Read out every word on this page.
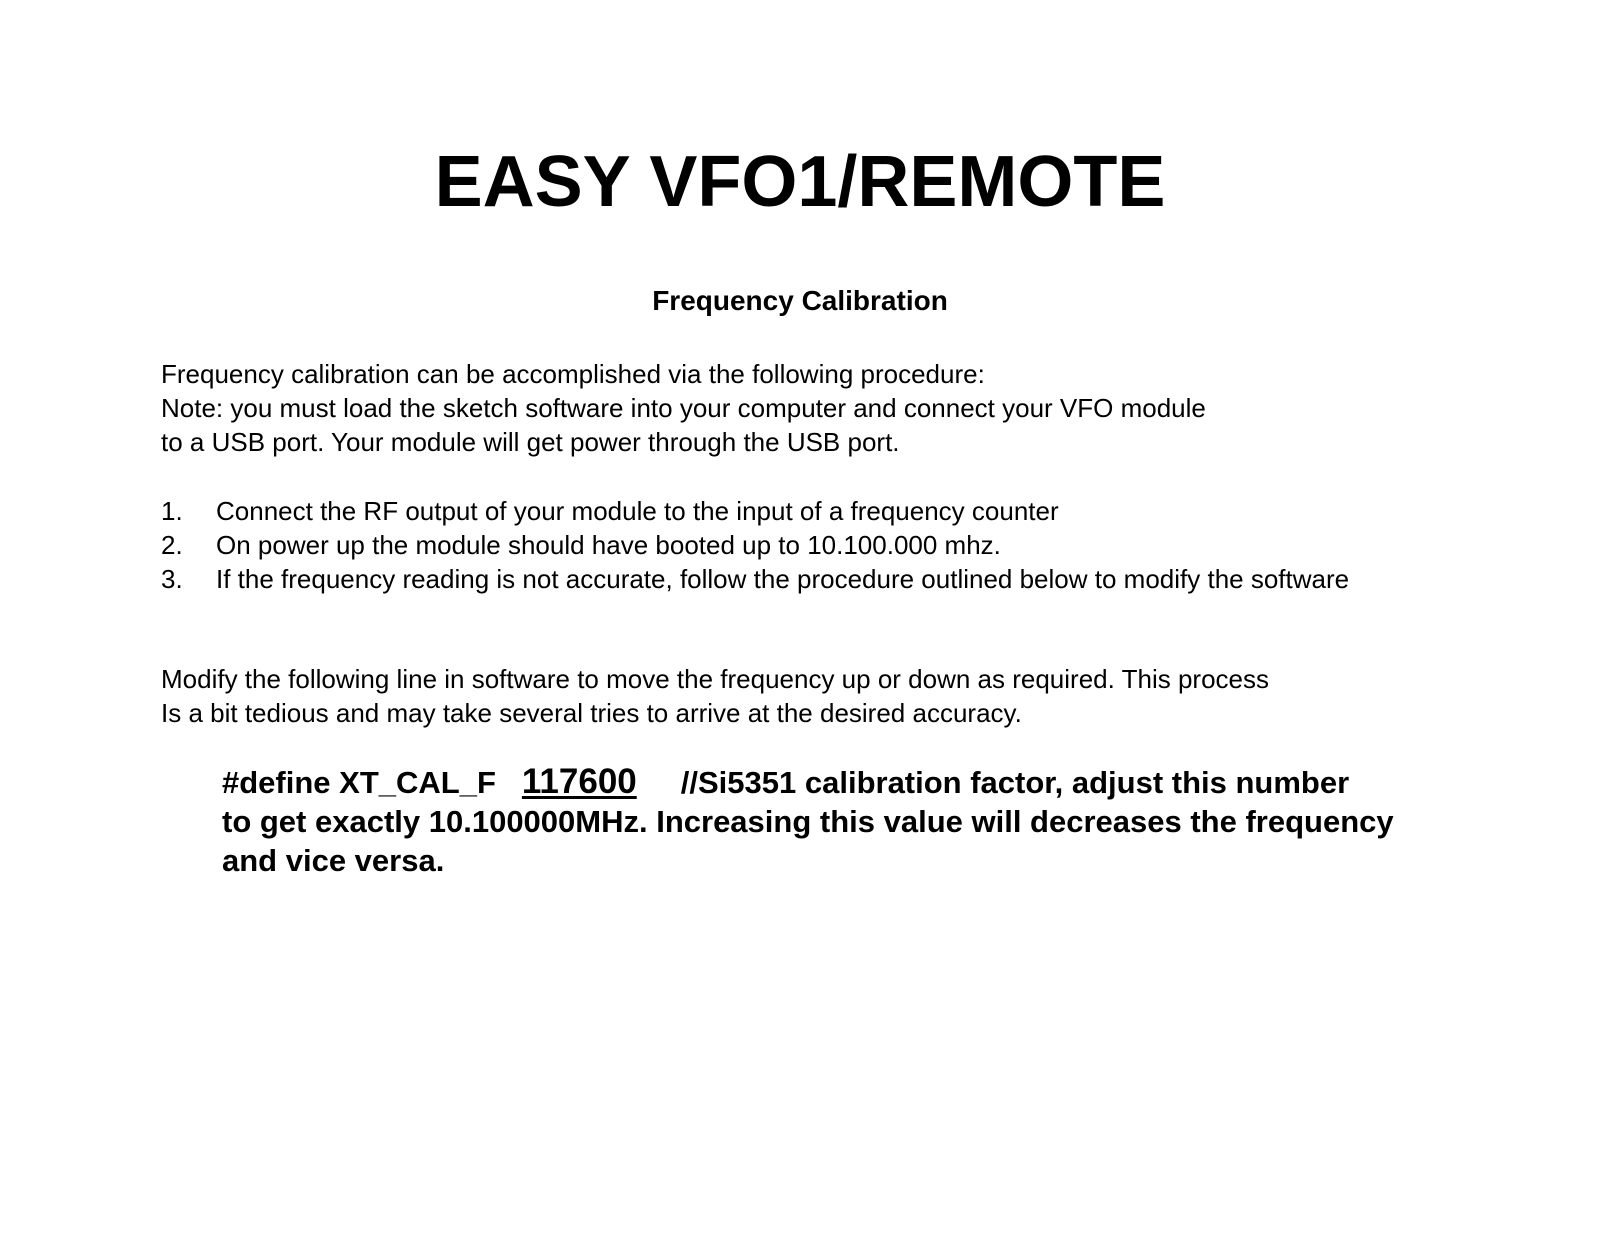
EASY VFO1/REMOTE
Frequency Calibration

Frequency calibration can be accomplished via the following procedure:

Note: you must load the sketch software into your computer and connect your VFO module

to a USB port. Your module will get power through the USB port.

1. Connect the RF output of your module to the input of a frequency counter
2. On power up the module should have booted up to 10.100.000 mhz.
3. If the frequency reading is not accurate, follow the procedure outlined below to modify the software

Modify the following line in software to move the frequency up or down as required. This process

Is a bit tedious and may take several tries to arrive at the desired accuracy.

#define XT_CAL_F 117600 //Si5351 calibration factor, adjust this number

to get exactly 10.100000MHz. Increasing this value will decreases the frequency

and vice versa.
